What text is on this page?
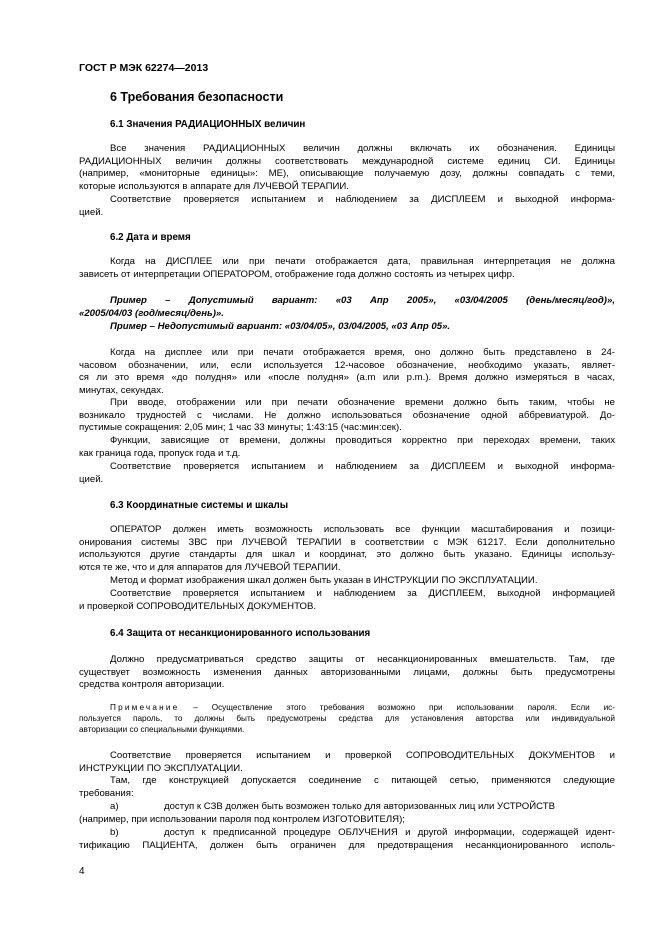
ГОСТ Р МЭК 62274—2013
6 Требования безопасности
6.1 Значения РАДИАЦИОННЫХ величин
Все значения РАДИАЦИОННЫХ величин должны включать их обозначения. Единицы
РАДИАЦИОННЫХ величин должны соответствовать международной системе единиц СИ. Единицы
(например, «мониторные единицы»: МЕ), описывающие получаемую дозу, должны совпадать с теми,
которые используются в аппарате для ЛУЧЕВОЙ ТЕРАПИИ.
Соответствие проверяется испытанием и наблюдением за ДИСПЛЕЕМ и выходной информа-
цией.
6.2 Дата и время
Когда на ДИСПЛЕЕ или при печати отображается дата, правильная интерпретация не должна
зависеть от интерпретации ОПЕРАТОРОМ, отображение года должно состоять из четырех цифр.
Пример – Допустимый вариант: «03 Апр 2005», «03/04/2005 (день/месяц/год)»,
«2005/04/03 (год/месяц/день)».
Пример – Недопустимый вариант: «03/04/05», 03/04/2005, «03 Апр 05».
Когда на дисплее или при печати отображается время, оно должно быть представлено в 24-
часовом обозначении, или, если используется 12-часовое обозначение, необходимо указать, являет-
ся ли это время «до полудня» или «после полудня» (a.m или p.m.). Время должно измеряться в часах,
минутах, секундах.
При вводе, отображении или при печати обозначение времени должно быть таким, чтобы не
возникало трудностей с числами. Не должно использоваться обозначение одной аббревиатурой. До-
пустимые сокращения: 2,05 мин; 1 час 33 минуты; 1:43:15 (час:мин:сек).
Функции, зависящие от времени, должны проводиться корректно при переходах времени, таких
как граница года, пропуск года и т.д.
Соответствие проверяется испытанием и наблюдением за ДИСПЛЕЕМ и выходной информа-
цией.
6.3 Координатные системы и шкалы
ОПЕРАТОР должен иметь возможность использовать все функции масштабирования и позици-
онирования системы ЗВС при ЛУЧЕВОЙ ТЕРАПИИ в соответствии с МЭК 61217. Если дополнительно
используются другие стандарты для шкал и координат, это должно быть указано. Единицы использу-
ются те же, что и для аппаратов для ЛУЧЕВОЙ ТЕРАПИИ.
Метод и формат изображения шкал должен быть указан в ИНСТРУКЦИИ ПО ЭКСПЛУАТАЦИИ.
Соответствие проверяется испытанием и наблюдением за ДИСПЛЕЕМ, выходной информацией
и проверкой СОПРОВОДИТЕЛЬНЫХ ДОКУМЕНТОВ.
6.4 Защита от несанкционированного использования
Должно предусматриваться средство защиты от несанкционированных вмешательств. Там, где
существует возможность изменения данных авторизованными лицами, должны быть предусмотрены
средства контроля авторизации.
Примечание – Осуществление этого требования возможно при использовании пароля. Если ис-
пользуется пароль, то должны быть предусмотрены средства для установления авторства или индивидуальной
авторизации со специальными функциями.
Соответствие проверяется испытанием и проверкой СОПРОВОДИТЕЛЬНЫХ ДОКУМЕНТОВ и
ИНСТРУКЦИИ ПО ЭКСПЛУАТАЦИИ.
Там, где конструкцией допускается соединение с питающей сетью, применяются следующие
требования:
a)	доступ к СЗВ должен быть возможен только для авторизованных лиц или УСТРОЙСТВ
(например, при использовании пароля под контролем ИЗГОТОВИТЕЛЯ);
b)	доступ к предписанной процедуре ОБЛУЧЕНИЯ и другой информации, содержащей идент-
тификацию ПАЦИЕНТА, должен быть ограничен для предотвращения несанкционированного исполь-
4
